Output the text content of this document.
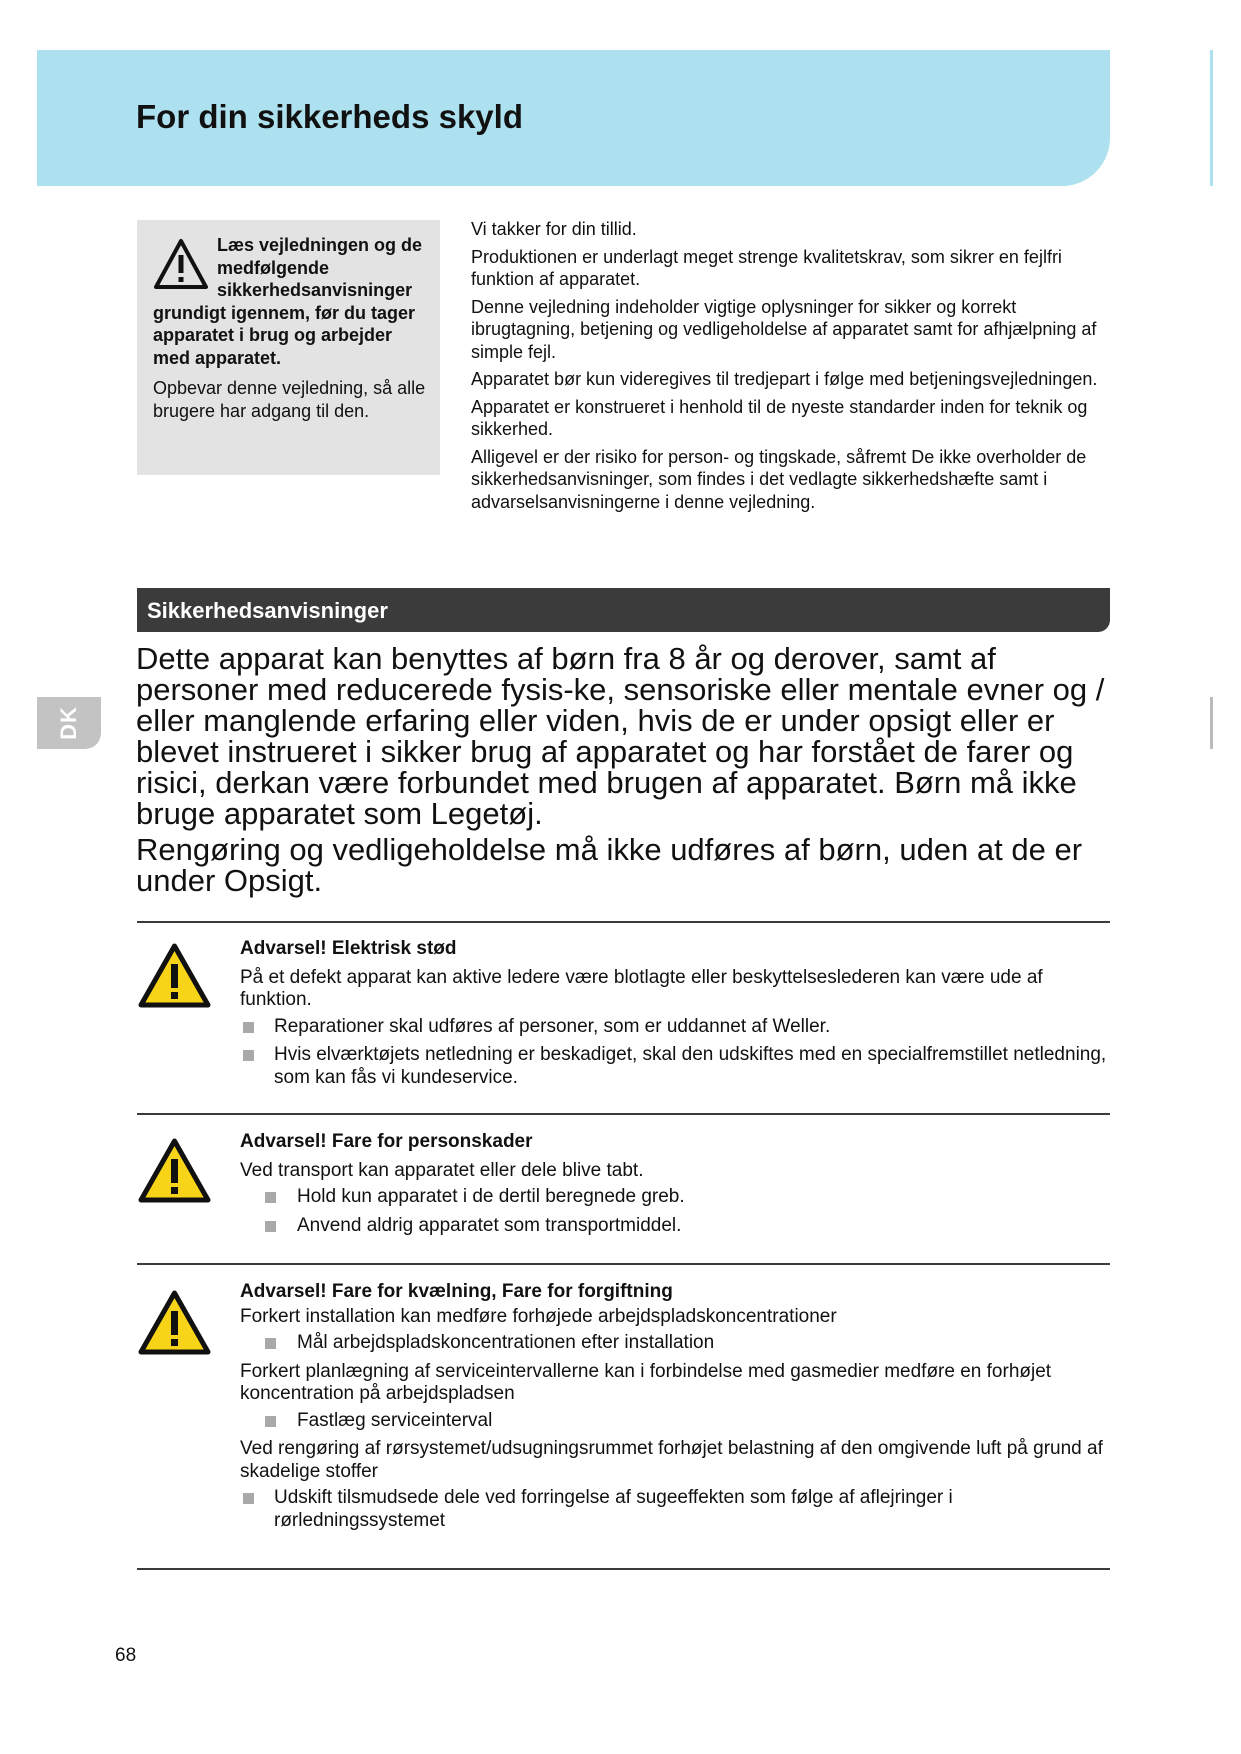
For din sikkerheds skyld
DK

Læs vejledningen og de medfølgende sikkerhedsanvisninger grundigt igennem, før du tager apparatet i brug og arbejder med apparatet.

Opbevar denne vejledning, så alle brugere har adgang til den.

Vi takker for din tillid.

Produktionen er underlagt meget strenge kvalitetskrav, som sikrer en fejlfri funktion af apparatet.

Denne vejledning indeholder vigtige oplysninger for sikker og korrekt ibrugtagning, betjening og vedligeholdelse af apparatet samt for afhjælpning af simple fejl.

Apparatet bør kun videregives til tredjepart i følge med betjeningsvejledningen.

Apparatet er konstrueret i henhold til de nyeste standarder inden for teknik og sikkerhed.

Alligevel er der risiko for person- og tingskade, såfremt De ikke overholder de sikkerhedsanvisninger, som findes i det vedlagte sikkerhedshæfte samt i advarselsanvisningerne i denne vejledning.

Sikkerhedsanvisninger

Dette apparat kan benyttes af børn fra 8 år og derover, samt af personer med reducerede fysis-ke, sensoriske eller mentale evner og / eller manglende erfaring eller viden, hvis de er under opsigt eller er blevet instrueret i sikker brug af apparatet og har forstået de farer og risici, derkan være forbundet med brugen af apparatet. Børn må ikke bruge apparatet som Legetøj.

Rengøring og vedligeholdelse må ikke udføres af børn, uden at de er under Opsigt.

Advarsel! Elektrisk stød

På et defekt apparat kan aktive ledere være blotlagte eller beskyttelseslederen kan være ude af funktion.

Reparationer skal udføres af personer, som er uddannet af Weller.
Hvis elværktøjets netledning er beskadiget, skal den udskiftes med en specialfremstillet netledning, som kan fås vi kundeservice.

Advarsel! Fare for personskader

Ved transport kan apparatet eller dele blive tabt.

Hold kun apparatet i de dertil beregnede greb.
Anvend aldrig apparatet som transportmiddel.

Advarsel! Fare for kvælning, Fare for forgiftning

Forkert installation kan medføre forhøjede arbejdspladskoncentrationer

Mål arbejdspladskoncentrationen efter installation

Forkert planlægning af serviceintervallerne kan i forbindelse med gasmedier medføre en forhøjet koncentration på arbejdspladsen

Fastlæg serviceinterval

Ved rengøring af rørsystemet/udsugningsrummet forhøjet belastning af den omgivende luft på grund af skadelige stoffer

Udskift tilsmudsede dele ved forringelse af sugeeffekten som følge af aflejringer i rørledningssystemet
68
